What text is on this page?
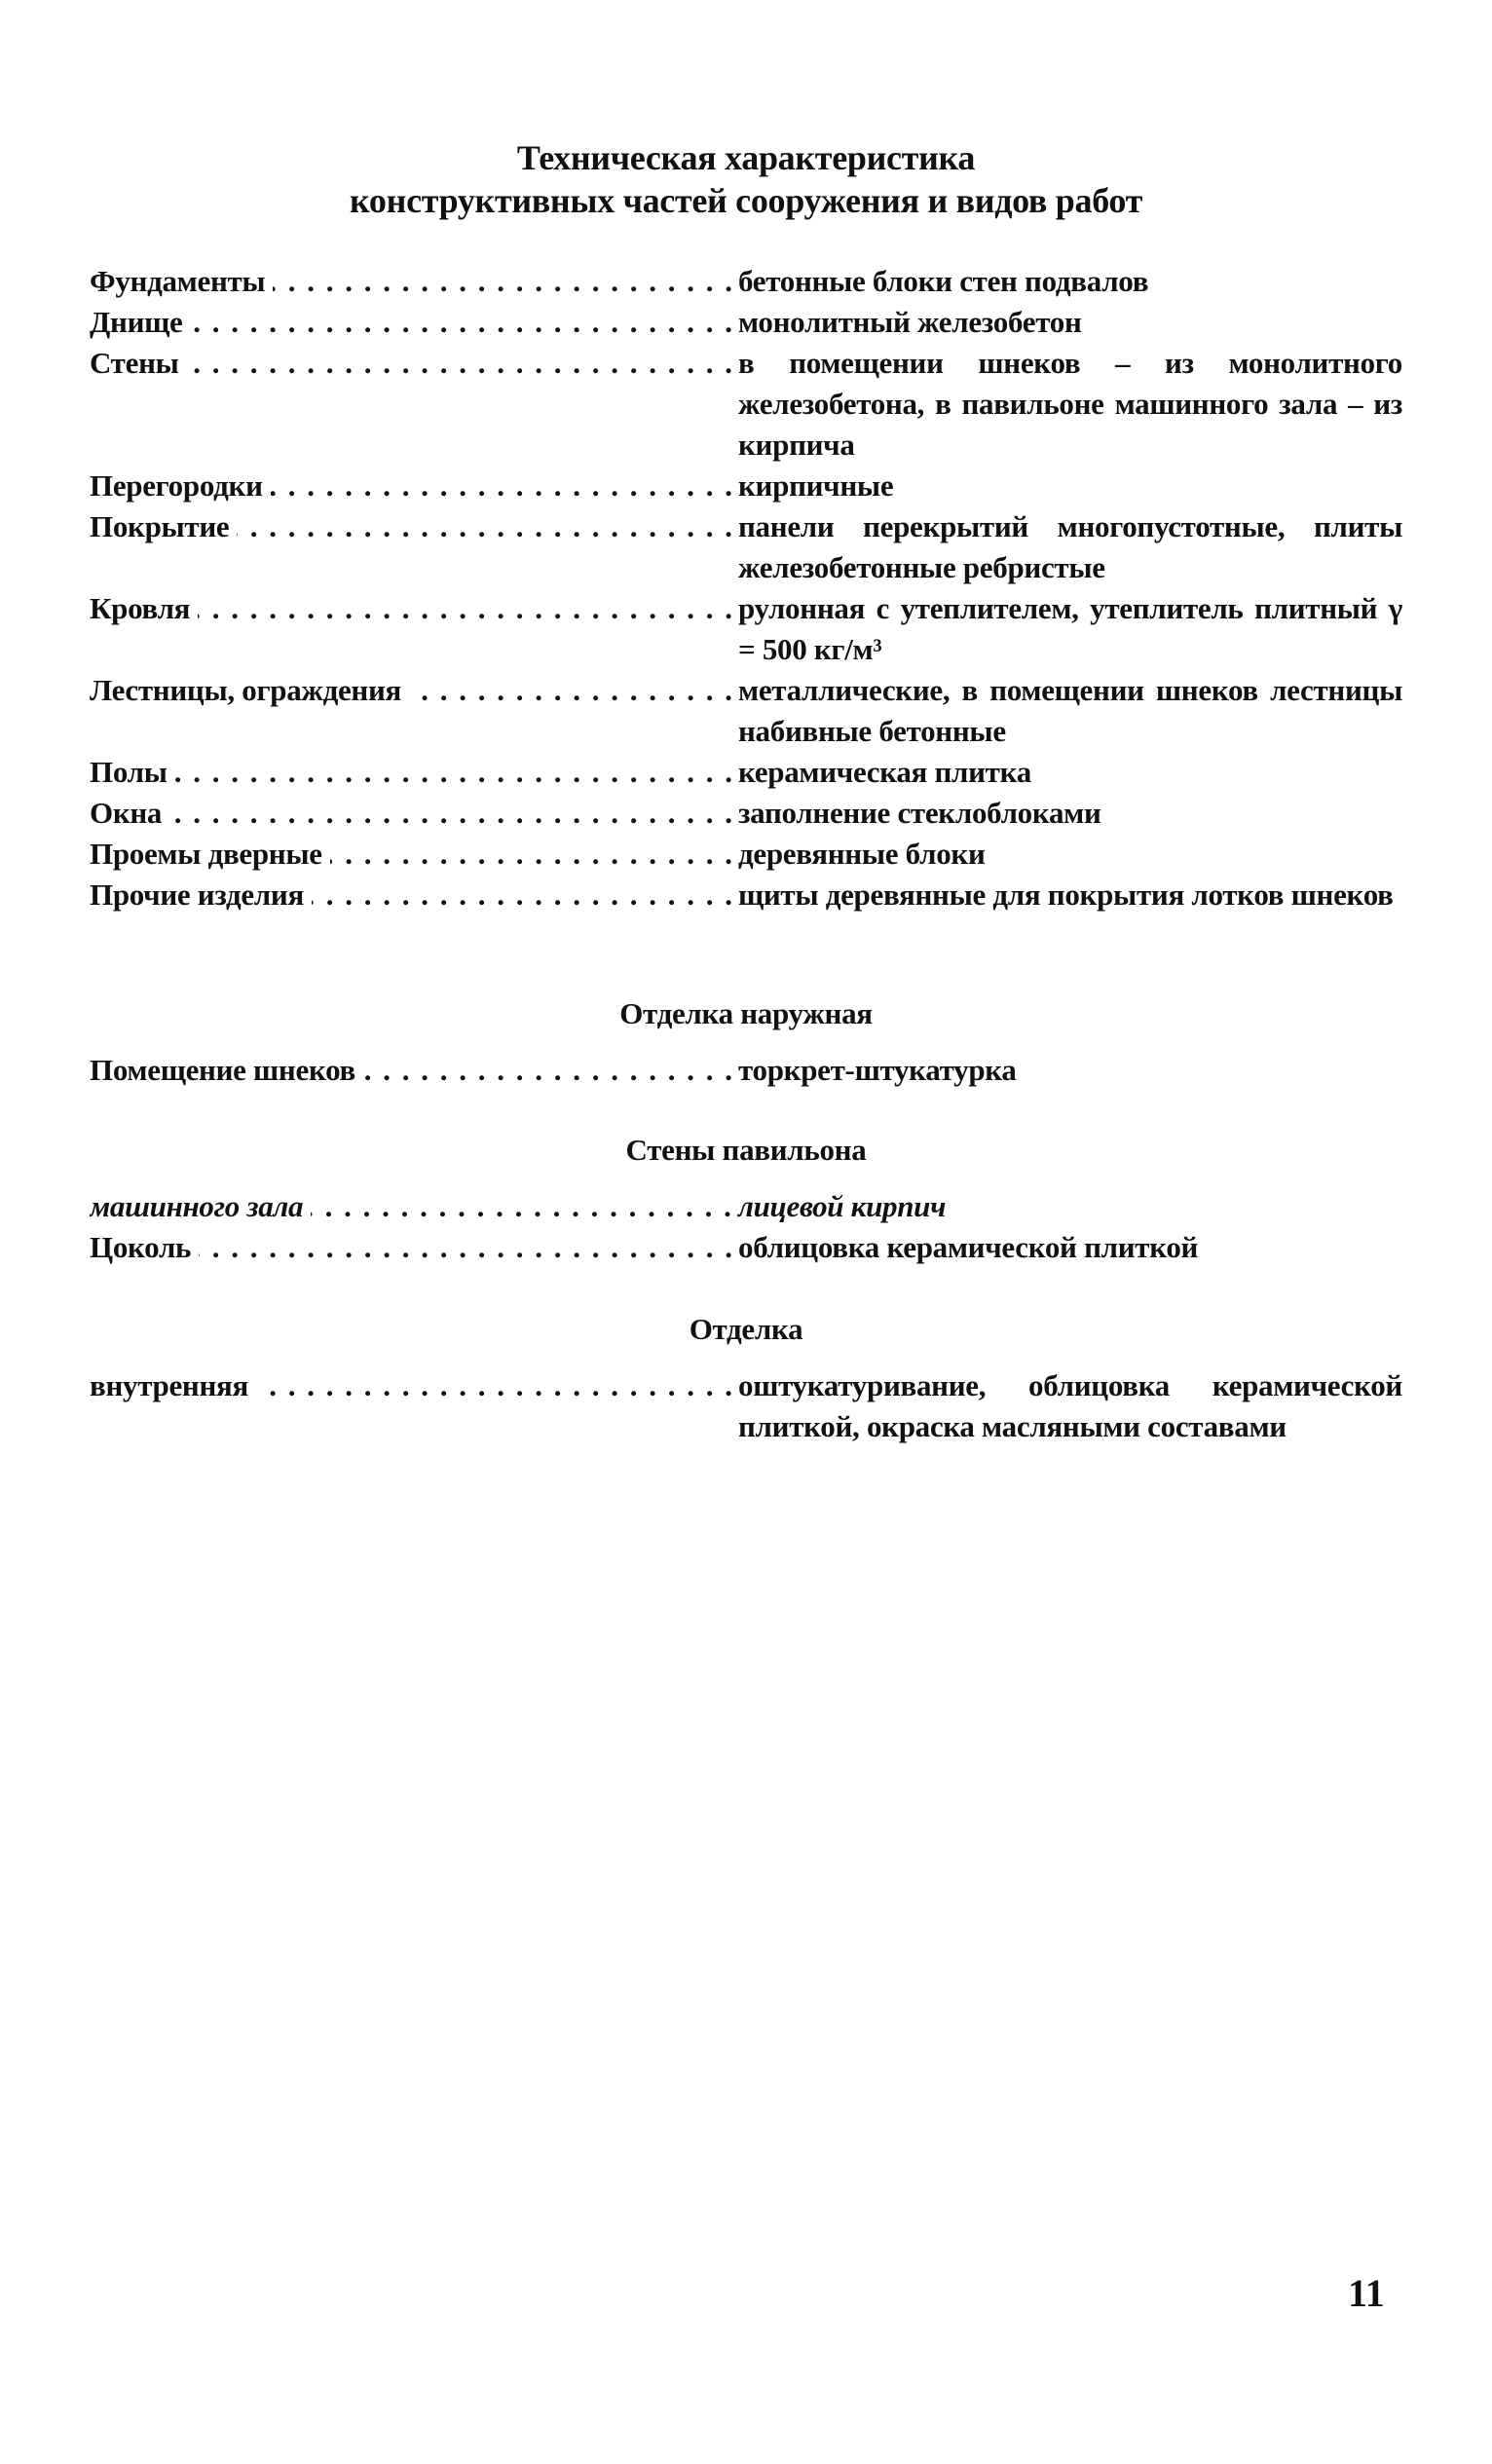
Техническая характеристика
конструктивных частей сооружения и видов работ
Фундаменты . . .	бетонные блоки стен подвалов
Днище . . .	монолитный железобетон
Стены . . .	в помещении шнеков – из монолитного железобетона, в павильоне машинного зала – из кирпича
Перегородки . . .	кирпичные
Покрытие . . .	панели перекрытий многопустотные, плиты железобетонные ребристые
Кровля . . .	рулонная с утеплителем, утеплитель плитный γ = 500 кг/м³
Лестницы, ограждения . . .	металлические, в помещении шнеков лестницы набивные бетонные
Полы . . .	керамическая плитка
Окна . . .	заполнение стеклоблоками
Проемы дверные . . .	деревянные блоки
Прочие изделия . . .	щиты деревянные для покрытия лотков шнеков
Отделка наружная
Помещение шнеков . . .	торкрет-штукатурка
Стены павильона
машинного зала . . .	лицевой кирпич
Цоколь . . .	облицовка керамической плиткой
Отделка
внутренняя . . .	оштукатуривание, облицовка керамической плиткой, окраска масляными составами
11
